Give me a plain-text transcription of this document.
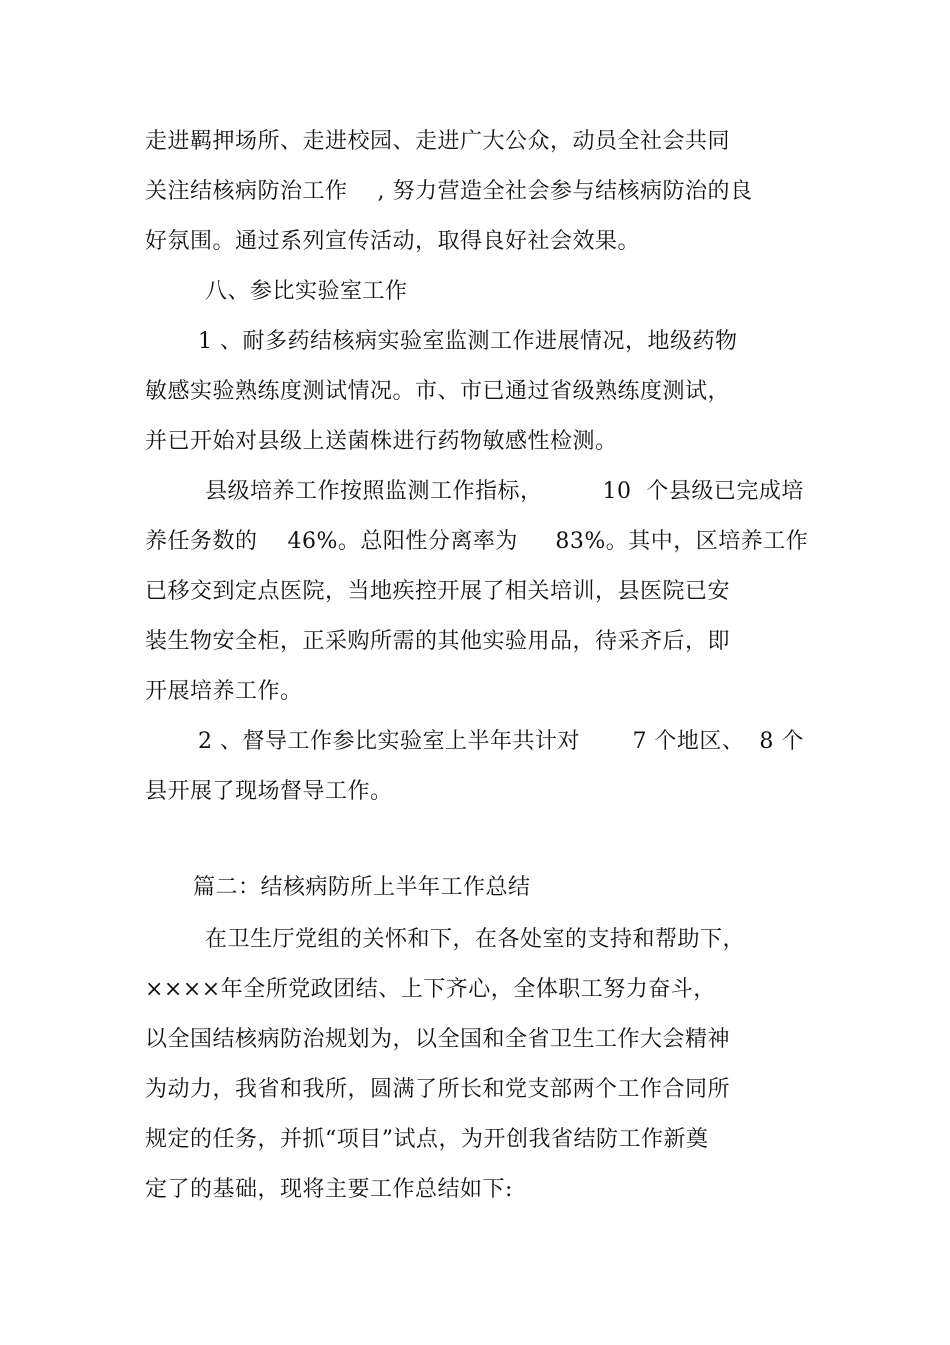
走进羁押场所、走进校园、走进广大公众，动员全社会共同
关注结核病防治工作    , 努力营造全社会参与结核病防治的良
好氛围。通过系列宣传活动，取得良好社会效果。
八、参比实验室工作
1 、耐多药结核病实验室监测工作进展情况，地级药物
敏感实验熟练度测试情况。市、市已通过省级熟练度测试，
并已开始对县级上送菌株进行药物敏感性检测。
县级培养工作按照监测工作指标，        10  个县级已完成培
养任务数的    46%。总阳性分离率为     83%。其中，区培养工作
已移交到定点医院，当地疾控开展了相关培训，县医院已安
装生物安全柜，正采购所需的其他实验用品，待采齐后，即
开展培养工作。
2 、督导工作参比实验室上半年共计对       7 个地区、  8 个
县开展了现场督导工作。
篇二：结核病防所上半年工作总结
在卫生厅党组的关怀和下，在各处室的支持和帮助下，
××××年全所党政团结、上下齐心，全体职工努力奋斗，
以全国结核病防治规划为，以全国和全省卫生工作大会精神
为动力，我省和我所，圆满了所长和党支部两个工作合同所
规定的任务，并抓“项目”试点，为开创我省结防工作新奠
定了的基础，现将主要工作总结如下:
